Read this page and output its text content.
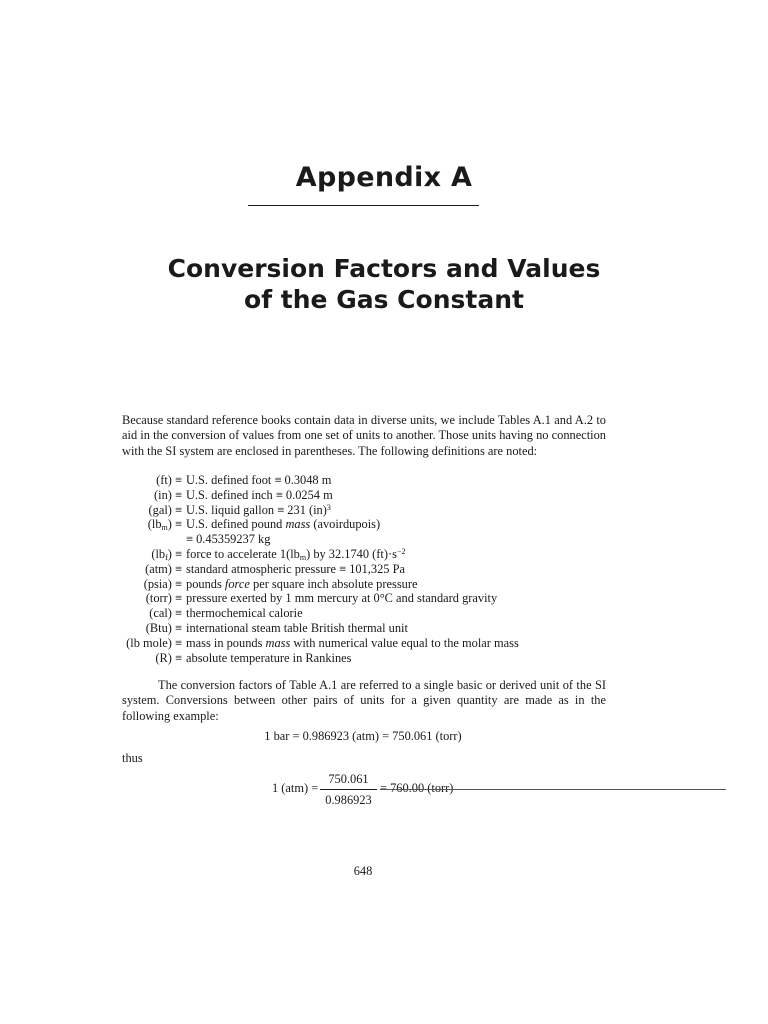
Appendix A
Conversion Factors and Values
of the Gas Constant
Because standard reference books contain data in diverse units, we include Tables A.1 and A.2 to aid in the conversion of values from one set of units to another. Those units having no connection with the SI system are enclosed in parentheses. The following definitions are noted:
(ft) ≡ U.S. defined foot ≡ 0.3048 m
(in) ≡ U.S. defined inch ≡ 0.0254 m
(gal) ≡ U.S. liquid gallon ≡ 231 (in)$^3$
$(lb_m) \equiv U.S$. defined pound mass (avoirdupois)
≡ 0.45359237 kg
$(lb_f)$ ≡ force to accelerate $1(lb_m)$ by 32.1740 $(ft)\cdot s^{-2}$
(atm) ≡ standard atmospheric pressure ≡ 101,325 Pa
(psia) ≡ pounds force per square inch absolute pressure
(torr) ≡ pressure exerted by 1 mm mercury at 0°C and standard gravity
(cal) ≡ thermochemical calorie
(Btu) ≡ international steam table British thermal unit
(lb mole) ≡ mass in pounds mass with numerical value equal to the molar mass
(R) ≡ absolute temperature in Rankines
The conversion factors of Table A.1 are referred to a single basic or derived unit of the SI system. Conversions between other pairs of units for a given quantity are made as in the following example:
1 bar = 0.986923 (atm) = 750.061 (torr)
thus
1 (atm) =
750.061
0.986923
= 760.00 (torr)
648
